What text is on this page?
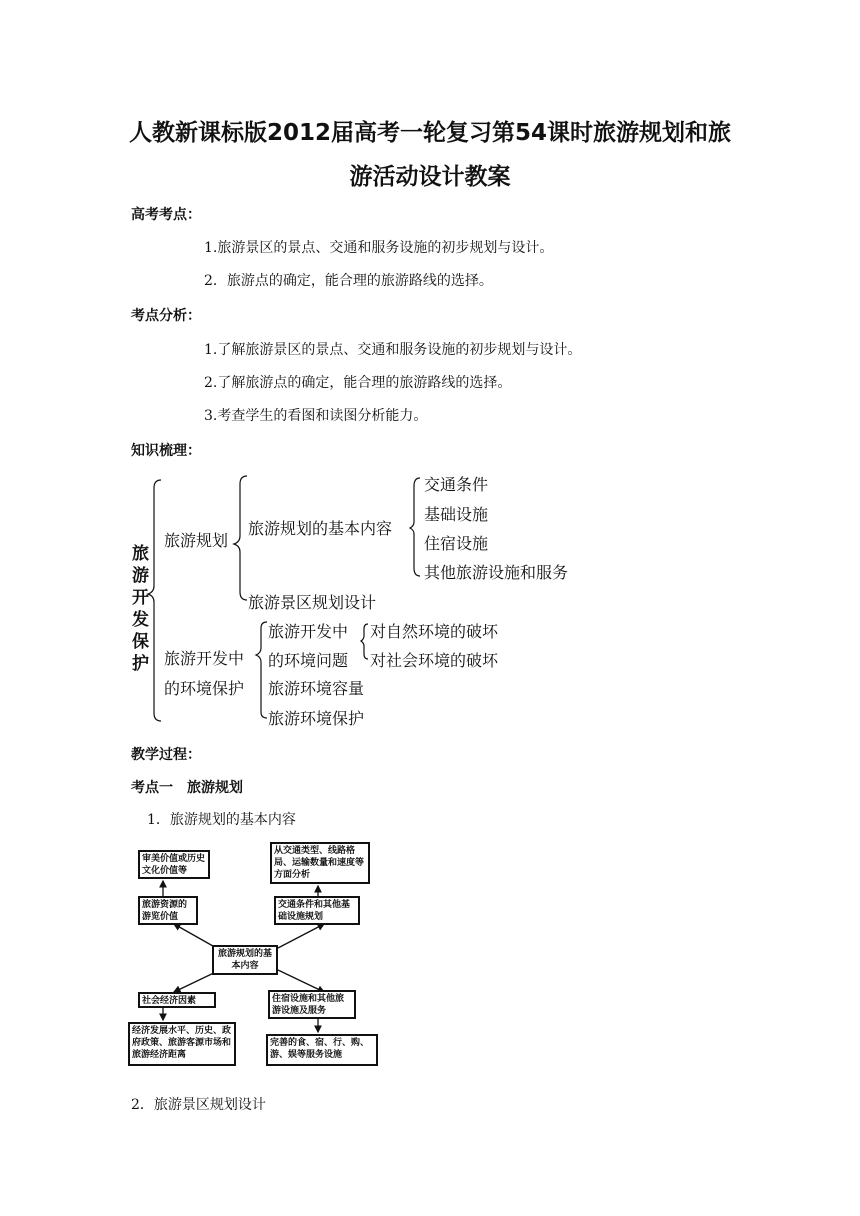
人教新课标版2012届高考一轮复习第54课时旅游规划和旅
游活动设计教案
高考考点：
1.旅游景区的景点、交通和服务设施的初步规划与设计。
2．旅游点的确定，能合理的旅游路线的选择。
考点分析：
1.了解旅游景区的景点、交通和服务设施的初步规划与设计。
2.了解旅游点的确定，能合理的旅游路线的选择。
3.考查学生的看图和读图分析能力。
知识梳理：
旅游开发保护
旅游规划
旅游规划的基本内容
交通条件
基础设施
住宿设施
其他旅游设施和服务
旅游景区规划设计
旅游开发中
的环境保护
旅游开发中
的环境问题
对自然环境的破坏
对社会环境的破坏
旅游环境容量
旅游环境保护
教学过程：
考点一　旅游规划
1．旅游规划的基本内容
审美价值或历史文化价值等
旅游资源的游览价值
从交通类型、线路格局、运输数量和速度等方面分析
交通条件和其他基础设施规划
旅游规划的基本内容
社会经济因素
经济发展水平、历史、政府政策、旅游客源市场和旅游经济距离
住宿设施和其他旅游设施及服务
完善的食、宿、行、购、游、娱等服务设施
2．旅游景区规划设计
